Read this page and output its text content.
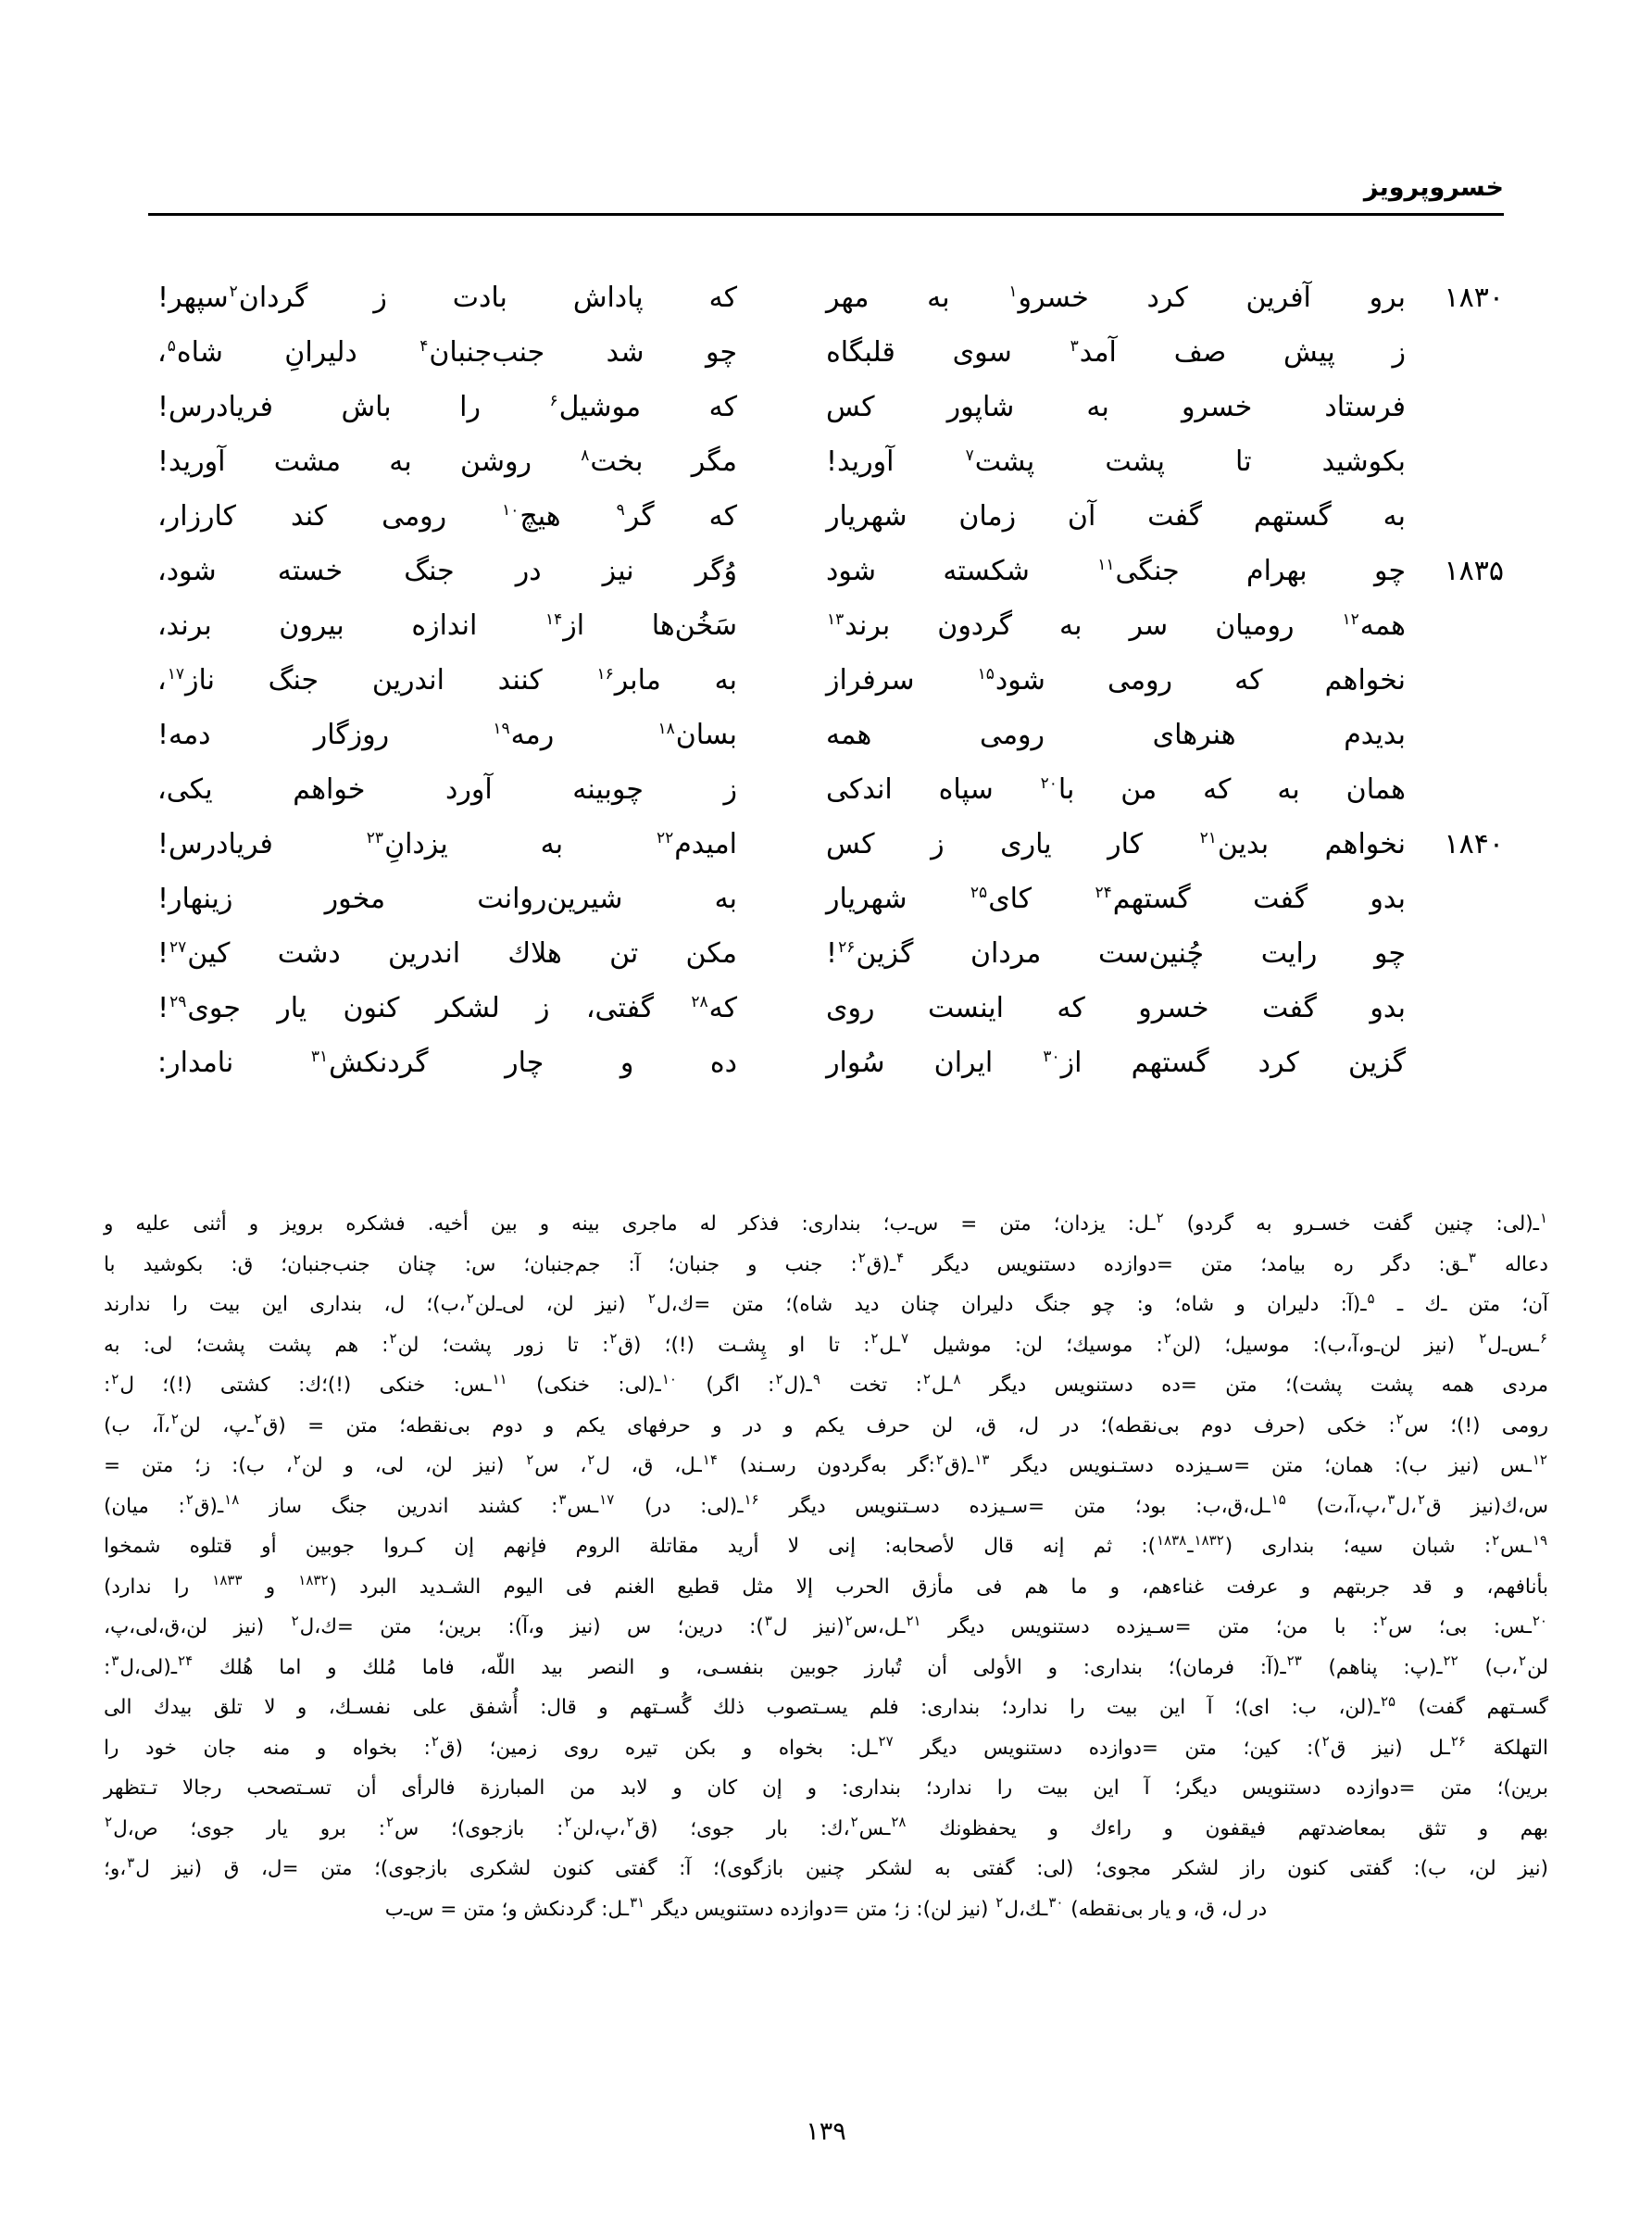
خسروپرويز
۱۸۳۰
برو
آفرين
كرد
خسرو$^۱$
به
مهر
كه
پاداش
بادت
ز
گردان$^۲$سپهر!
ز
پيش
صف
آمد$^۳$
سوى
قلبگاه
چو
شد
جنب‌جنبان$^۴$
دليرانِ
شاه$^۵$،
فرستاد
خسرو
به
شاپور
كس
كه
موشيل$^۶$
را
باش
فريادرس!
بكوشيد
تا
پشت
پشت$^۷$
آوريد!
مگر
بخت$^۸$
روشن
به
مشت
آوريد!
به
گستهم
گفت
آن
زمان
شهريار
كه
گر$^۹$
هيچ$^{۱۰}$
رومى
كند
كارزار،
۱۸۳۵
چو
بهرام
جنگى$^{۱۱}$
شكسته
شود
وُگر
نيز
در
جنگ
خسته
شود،
همه$^{۱۲}$
روميان
سر
به
گردون
برند$^{۱۳}$
سَخُن‌ها
از$^{۱۴}$
اندازه
بيرون
برند،
نخواهم
كه
رومى
شود$^{۱۵}$
سرفراز
به
مابر$^{۱۶}$
كنند
اندرين
جنگ
ناز$^{۱۷}$،
بديدم
هنرهاى
رومى
همه
بسان$^{۱۸}$
رمه$^{۱۹}$
روزگار
دمه!
همان
به
كه
من
با$^{۲۰}$
سپاه
اندكى
ز
چوبينه
آورد
خواهم
يكى،
۱۸۴۰
نخواهم
بدين$^{۲۱}$
كار
يارى
ز
كس
اميدم$^{۲۲}$
به
يزدانِ$^{۲۳}$
فريادرس!
بدو
گفت
گستهم$^{۲۴}$
كاى$^{۲۵}$
شهريار
به
شيرين‌روانت
مخور
زينهار!
چو
رايت
چُنين‌ست
مردان
گزين$^{۲۶}$!
مكن
تن
هلاك
اندرين
دشت
كين$^{۲۷}$!
بدو
گفت
خسرو
كه
اينست
روى
كه$^{۲۸}$
گفتى،
ز
لشكر
كنون
يار
جوى$^{۲۹}$!
گزين
كرد
گستهم
از$^{۳۰}$
ايران
سُوار
ده
و
چار
گردنكش$^{۳۱}$
نامدار:

$^۱$ـ(لى: چنين گفت خسـرو به گردو) $^۲$ـل: يزدان؛ متن = س‌ـ‌ب؛ بندارى: فذكر له ماجرى بينه و بين أخيه. فشكره برويز و أثنى عليه و

دعاله $^۳$ـق: دگر ره بيامد؛ متن =دوازده دستنويس ديگر $^۴$ـ(ق$^۲$: جنب و جنبان؛ آ: جم‌جنبان؛ س: چنان جنب‌جنبان؛ ق: بكوشيد با

آن؛ متن ـ‌ك ـ $^۵$ـ(آ: دليران و شاه؛ و: چو جنگ دليران چنان ديد شاه)؛ متن =ك،ل$^۲$ (نيز لن، لى‌ـ‌لن$^۲$،ب)؛ ل، بندارى اين بيت را ندارند

$^۶$ـس‌ـ‌ل$^۲$ (نيز لن‌ـ‌و،آ،ب): موسيل؛ (لن$^۲$: موسيك؛ لن: موشيل $^۷$ـل$^۲$: تا او پِشـت (!)؛ (ق$^۲$: تا زور پشت؛ لن$^۲$: هم پشت پشت؛ لى: به

مردى همه پشت پشت)؛ متن =ده دستنويس ديگر $^۸$ـل$^۲$: تخت $^۹$ـ(ل$^۲$: اگر) $^{۱۰}$ـ(لى: خنكى) $^{۱۱}$ـس: خنكى (!)؛ك: كشتى (!)؛ ل$^۲$:

رومى (!)؛ س$^۲$: خكى (حرف دوم بى‌نقطه)؛ در ل، ق، لن حرف يكم و در و حرفهاى يكم و دوم بى‌نقطه؛ متن = (ق$^۲$‌ـ‌پ، لن$^۲$،آ، ب)

$^{۱۲}$ـس (نيز ب): همان؛ متن =سـيزده دستـنويس ديگر $^{۱۳}$ـ(ق$^۲$:گر به‌گردون رسـند) $^{۱۴}$ـل، ق، ل$^۲$، س$^۲$ (نيز لن، لى، و لن$^۲$، ب): ز؛ متن =

س،ك(نيز ق$^۲$،ل$^۳$،پ،آ،ت) $^{۱۵}$ـل،ق،ب: بود؛ متن =سـيزده دسـتنويس ديگر $^{۱۶}$ـ(لى: در) $^{۱۷}$ـس$^۳$: كشند اندرين جنگ ساز $^{۱۸}$ـ(ق$^۲$: ميان)

$^{۱۹}$ـس$^۲$: شبان سيه؛ بندارى ($^{۱۸۳۲}$ـ$^{۱۸۳۸}$): ثم إنه قال لأصحابه: إنى لا أريد مقاتلة الروم فإنهم إن كـروا جوبين أو قتلوه شمخوا

بأنافهم، و قد جربتهم و عرفت غناءهم، و ما هم فى مأزق الحرب إلا مثل قطيع الغنم فى اليوم الشـديد البرد ($^{۱۸۳۲}$ و $^{۱۸۳۳}$ را ندارد)

$^{۲۰}$ـس: بى؛ س$^۲$: با من؛ متن =سـيزده دستنويس ديگر $^{۲۱}$ـل،س$^۲$(نيز ل$^۳$): درين؛ س (نيز و،آ): برين؛ متن =ك،ل$^۲$ (نيز لن،ق،لى،پ،

لن$^۲$،ب) $^{۲۲}$ـ(پ: پناهم) $^{۲۳}$ـ(آ: فرمان)؛ بندارى: و الأولى أن تُبارز جوبين بنفسـى، و النصر بيد اللّه، فاما مُلك و اما هُلك $^{۲۴}$ـ(لى،ل$^۳$:

گسـتهم گفت) $^{۲۵}$ـ(لن، ب: اى)؛ آ اين بيت را ندارد؛ بندارى: فلم يسـتصوب ذلك گُسـتهم و قال: أُشفق على نفسـك، و لا تلق بيدك الى

التهلكة $^{۲۶}$ـل (نيز ق$^۲$): كين؛ متن =دوازده دستنويس ديگر $^{۲۷}$ـل: بخواه و بكن تيره روى زمين؛ (ق$^۲$: بخواه و منه جان خود را

برين)؛ متن =دوازده دستنويس ديگر؛ آ اين بيت را ندارد؛ بندارى: و إن كان و لابد من المبارزة فالرأى أن تسـتصحب رجالا تـتظهر

بهم و تثق بمعاضدتهم فيقفون و راءك و يحفظونك $^{۲۸}$ـس$^۲$،ك: بار جوى؛ (ق$^۲$،پ،لن$^۲$: بازجوى)؛ س$^۲$: برو يار جوى؛ ص،ل$^۲$

(نيز لن، ب): گفتى كنون راز لشكر مجوى؛ (لى: گفتى به لشكر چنين بازگوى)؛ آ: گفتى كنون لشكرى بازجوى)؛ متن =ل، ق (نيز ل$^۳$،و؛

در ل، ق، و يار بى‌نقطه) $^{۳۰}$ـك،ل$^۲$ (نيز لن): ز؛ متن =دوازده دستنويس ديگر $^{۳۱}$ـل: گردنكش و؛ متن = س‌ـ‌ب

۱۳۹
